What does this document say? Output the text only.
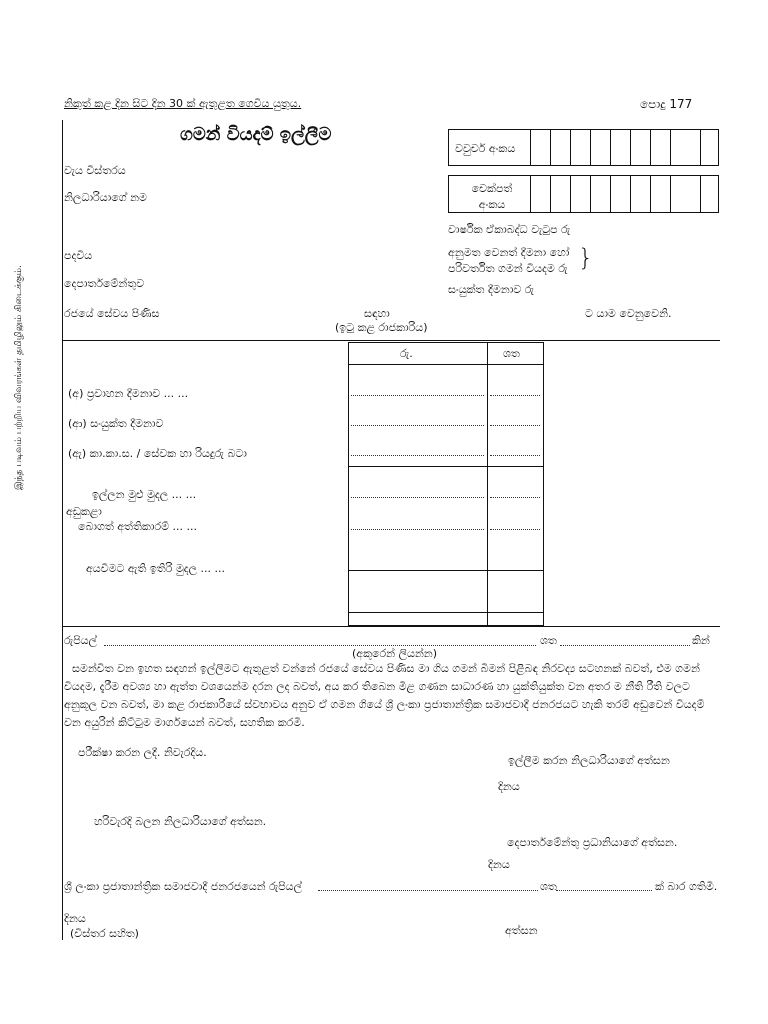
නිකුත් කළ දින සිට දින 30 ක් ඇතුළත ගෙවිය යුතුය.	පොදු 177
ගමන් වියදම් ඉල්ලීම
இந்த படிவம் பற்றிய விவரங்கள் தமிழிலும் கிடைக்கும்.
වවුචර් අංකය
චෙක්පත් අංකය
වැය විස්තරය
නිලධාරියාගේ නම
පදවිය
දෙපාර්තමේන්තුව
වාර්ෂික ඒකාබද්ධ වැටුප රු
අනුමත වෙනත් දීමනා හෝ
පරිවර්තිත ගමන් වියදම රු }
සංයුක්ත දීමනාව රු
රජයේ සේවය පිණිස	සඳහා	ට යාම වෙනුවෙනි.
(ඉටු කළ රාජකාරිය)
රු.	ශත
(අ) ප්‍රවාහන දීමනාව ... ...
(ආ) සංයුක්ත දීමනාව
(ඇ) කා.කා.ස. / සේවක හා රියදුරු බටා
ඉල්ලන මුළු මුදල ... ...
අඩුකළා
බොගත් අත්තිකාරම් ... ...
අයවීමට ඇති ඉතිරි මුදල ... ...
රුපියල්	ශත	කින්
(අකුරෙන් ලියන්න)
සමන්විත වන ඉහත සඳහන් ඉල්ලීමට ඇතුළත් වන්නේ රජයේ සේවය පිණිස මා ගිය ගමන් බිමන් පිළිබඳ නිරවද්‍ය සටහනක් බවත්, එම ගමන් වියදම, දැරීම අවශ්‍ය හා ඇත්ත වශයෙන්ම දරන ලද බවත්, අය කර තිබෙන මිළ ගණන සාධාරණ හා යුක්තියුක්ත වන අතර ම නීති රීති වලට අනුකූල වන බවත්, මා කළ රාජකාරියේ ස්වභාවය අනුව ඒ ගමන ගියේ ශ්‍රී ලංකා ප්‍රජාතාන්ත්‍රික සමාජවාදී ජනරජයට හැකි තරම් අඩුවෙන් වියදම් වන අයුරින් කිට්ටුම මාර්ගයෙන් බවත්, සහතික කරමි.
පරීක්ෂා කරන ලදී. නිවැරදිය.
ඉල්ලීම කරන නිලධාරියාගේ අත්සන
දිනය
හරිවැරදි බලන නිලධාරියාගේ අත්සන.
දෙපාර්තමේන්තු ප්‍රධානියාගේ අත්සන.
දිනය
ශ්‍රී ලංකා ප්‍රජාතාන්ත්‍රික සමාජවාදී ජනරජයෙන් රුපියල්	ශත	ක් බාර ගතිමි.
දිනය
(විස්තර සහිත)	අත්සන
